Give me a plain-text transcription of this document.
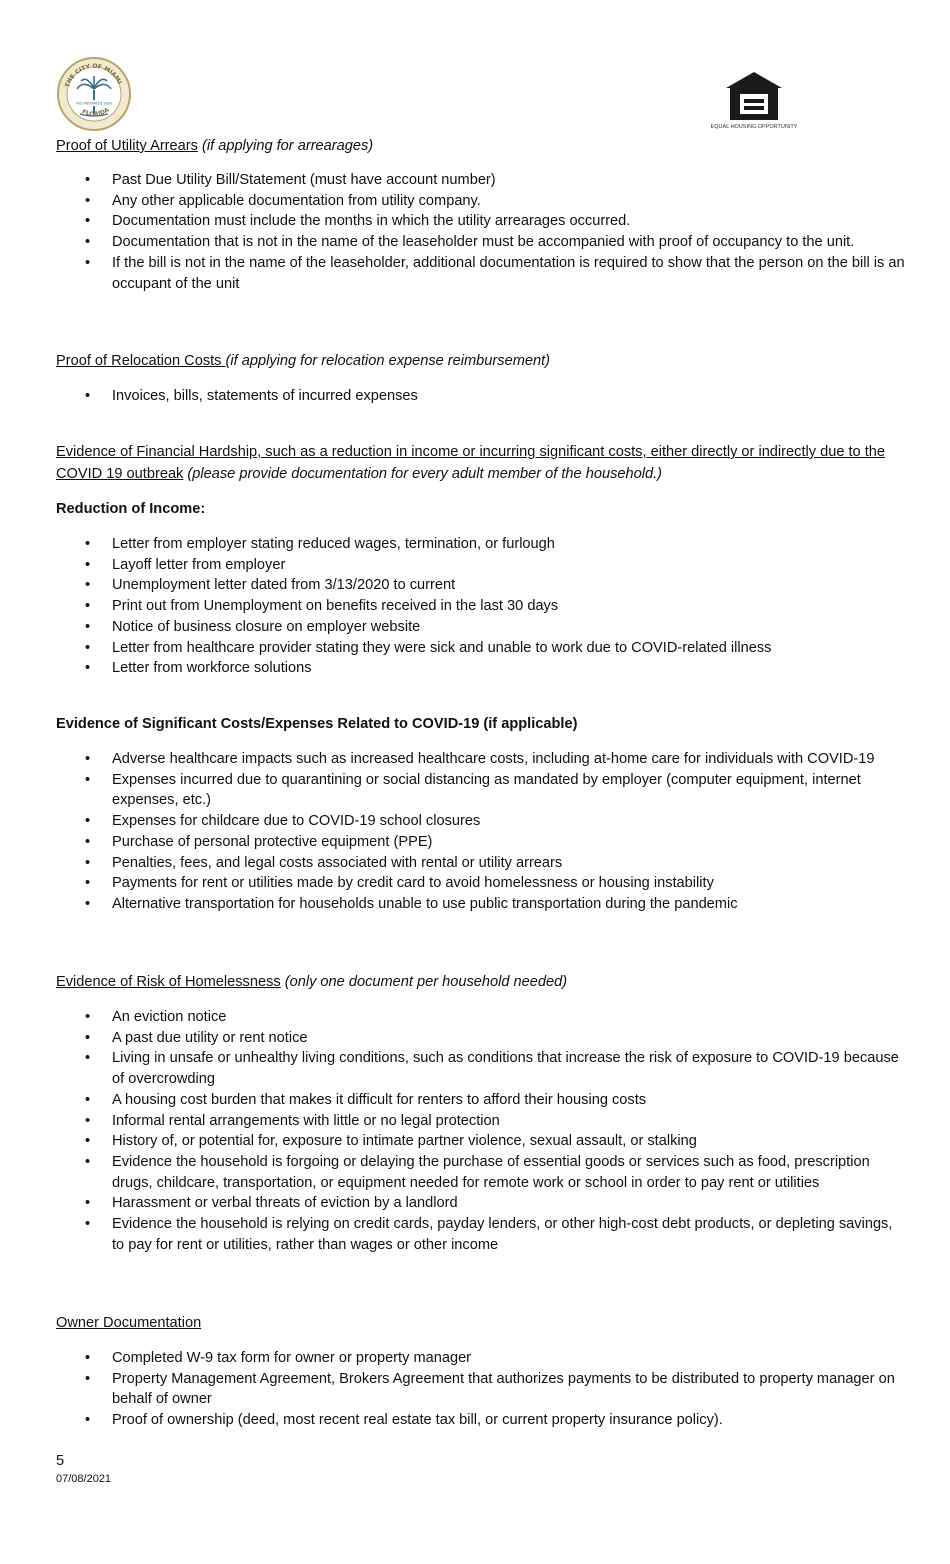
THE CITY OF MIAMI
FLORIDA
INCORPORATED 1896
EQUAL HOUSING OPPORTUNITY
Proof of Utility Arrears (if applying for arrearages)
• Past Due Utility Bill/Statement (must have account number)
• Any other applicable documentation from utility company.
• Documentation must include the months in which the utility arrearages occurred.
• Documentation that is not in the name of the leaseholder must be accompanied with proof of occupancy to the unit.
• If the bill is not in the name of the leaseholder, additional documentation is required to show that the person on the bill is an occupant of the unit
Proof of Relocation Costs (if applying for relocation expense reimbursement)
• Invoices, bills, statements of incurred expenses
Evidence of Financial Hardship, such as a reduction in income or incurring significant costs, either directly or indirectly due to the COVID 19 outbreak (please provide documentation for every adult member of the household.)
Reduction of Income:
• Letter from employer stating reduced wages, termination, or furlough
• Layoff letter from employer
• Unemployment letter dated from 3/13/2020 to current
• Print out from Unemployment on benefits received in the last 30 days
• Notice of business closure on employer website
• Letter from healthcare provider stating they were sick and unable to work due to COVID-related illness
• Letter from workforce solutions
Evidence of Significant Costs/Expenses Related to COVID-19 (if applicable)
• Adverse healthcare impacts such as increased healthcare costs, including at-home care for individuals with COVID-19
• Expenses incurred due to quarantining or social distancing as mandated by employer (computer equipment, internet expenses, etc.)
• Expenses for childcare due to COVID-19 school closures
• Purchase of personal protective equipment (PPE)
• Penalties, fees, and legal costs associated with rental or utility arrears
• Payments for rent or utilities made by credit card to avoid homelessness or housing instability
• Alternative transportation for households unable to use public transportation during the pandemic
Evidence of Risk of Homelessness (only one document per household needed)
• An eviction notice
• A past due utility or rent notice
• Living in unsafe or unhealthy living conditions, such as conditions that increase the risk of exposure to COVID-19 because of overcrowding
• A housing cost burden that makes it difficult for renters to afford their housing costs
• Informal rental arrangements with little or no legal protection
• History of, or potential for, exposure to intimate partner violence, sexual assault, or stalking
• Evidence the household is forgoing or delaying the purchase of essential goods or services such as food, prescription drugs, childcare, transportation, or equipment needed for remote work or school in order to pay rent or utilities
• Harassment or verbal threats of eviction by a landlord
• Evidence the household is relying on credit cards, payday lenders, or other high-cost debt products, or depleting savings, to pay for rent or utilities, rather than wages or other income
Owner Documentation
• Completed W-9 tax form for owner or property manager
• Property Management Agreement, Brokers Agreement that authorizes payments to be distributed to property manager on behalf of owner
• Proof of ownership (deed, most recent real estate tax bill, or current property insurance policy).
5
07/08/2021
